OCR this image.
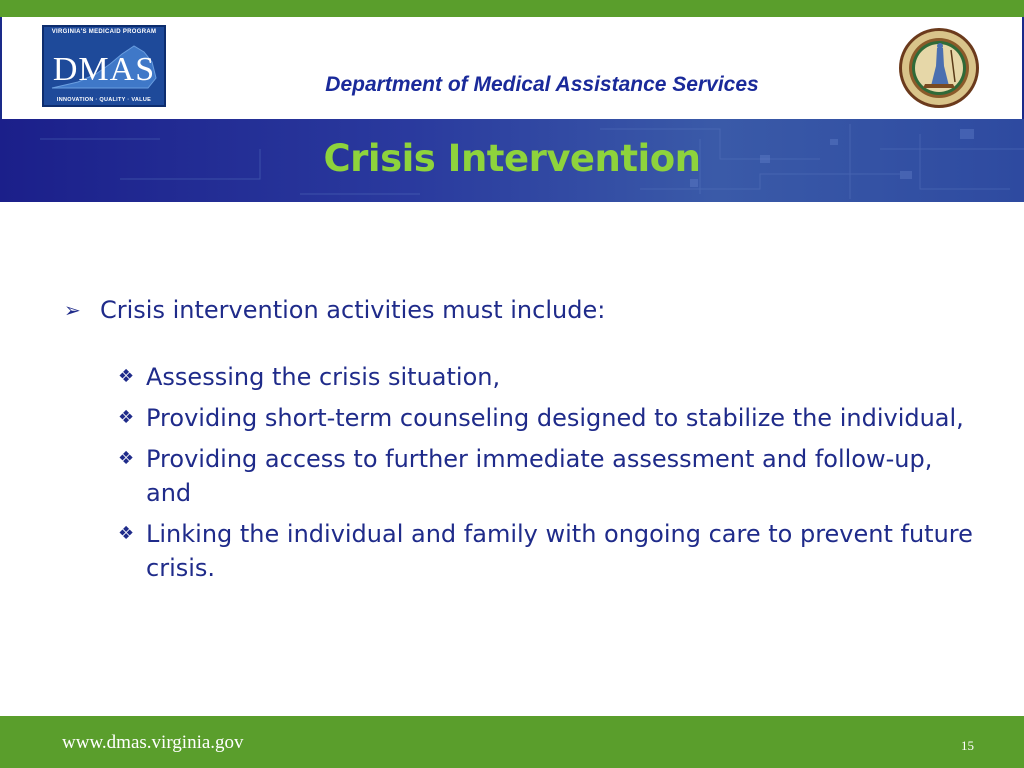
VIRGINIA'S MEDICAID PROGRAM
DMAS
INNOVATION · QUALITY · VALUE
Department of Medical Assistance Services
Crisis Intervention
➢ Crisis intervention activities must include:
❖ Assessing the crisis situation,
❖ Providing short-term counseling designed to stabilize the individual,
❖ Providing access to further immediate assessment and follow-up, and
❖ Linking the individual and family with ongoing care to prevent future crisis.
www.dmas.virginia.gov	15
